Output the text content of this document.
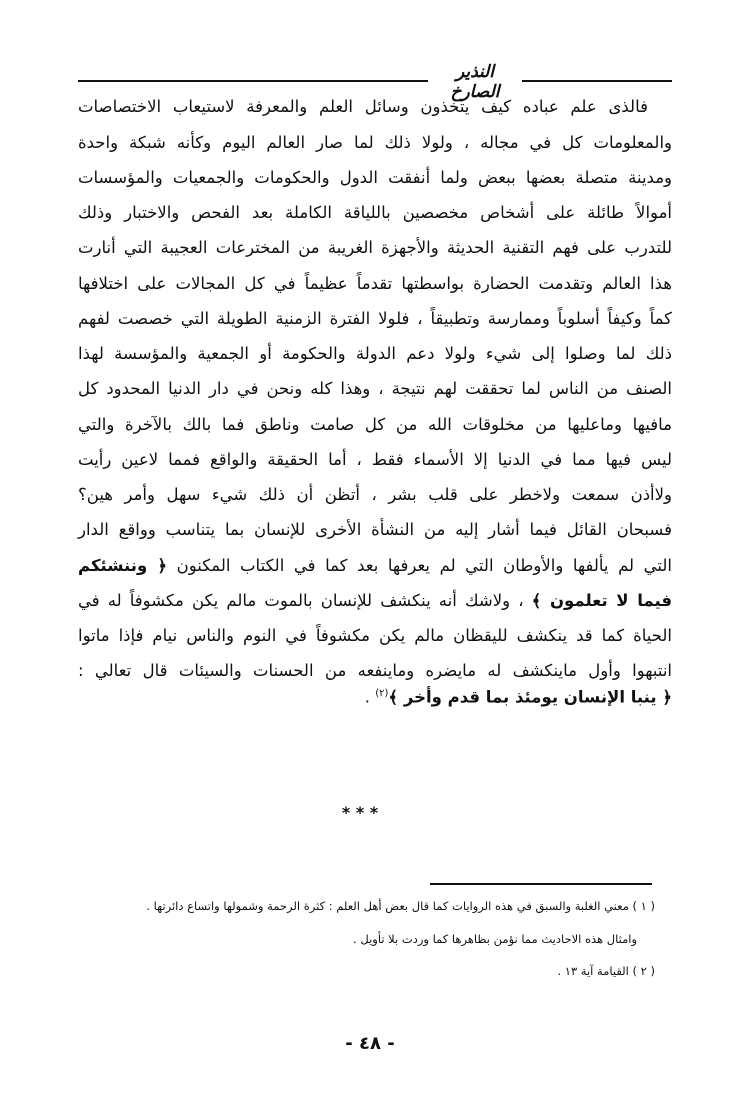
النذير الصارخ
فالذى علم عباده كيف يتخذون وسائل العلم والمعرفة لاستيعاب الاختصاصات
والمعلومات كل في مجاله ، ولولا ذلك لما صار العالم اليوم وكأنه شبكة واحدة
ومدينة متصلة بعضها ببعض ولما أنفقت الدول والحكومات والجمعيات والمؤسسات
أموالاً طائلة على أشخاص مخصصين باللياقة الكاملة بعد الفحص والاختبار وذلك
للتدرب على فهم التقنية الحديثة والأجهزة الغريبة من المخترعات العجيبة التي أنارت
هذا العالم وتقدمت الحضارة بواسطتها تقدماً عظيماً في كل المجالات على اختلافها
كماً وكيفاً أسلوباً وممارسة وتطبيقاً ، فلولا الفترة الزمنية الطويلة التي خصصت لفهم
ذلك لما وصلوا إلى شيء ولولا دعم الدولة والحكومة أو الجمعية والمؤسسة لهذا
الصنف من الناس لما تحققت لهم نتيجة ، وهذا كله ونحن في دار الدنيا المحدود كل
مافيها وماعليها من مخلوقات الله من كل صامت وناطق فما بالك بالآخرة والتي
ليس فيها مما في الدنيا إلا الأسماء فقط ، أما الحقيقة والواقع فمما لاعين رأيت
ولاأذن سمعت ولاخطر على قلب بشر ، أتظن أن ذلك شيء سهل وأمر هين؟
فسبحان القائل فيما أشار إليه من النشأة الأخرى للإنسان بما يتناسب وواقع الدار
التي لم يألفها والأوطان التي لم يعرفها بعد كما في الكتاب المكنون ﴿ وننشئكم
فيما لا تعلمون ﴾ ، ولاشك أنه ينكشف للإنسان بالموت مالم يكن مكشوفاً له في
الحياة كما قد ينكشف لليقظان مالم يكن مكشوفاً في النوم والناس نيام فإذا ماتوا
انتبهوا وأول ماينكشف له مايضره وماينفعه من الحسنات والسيئات قال تعالي :
﴿ ينبا الإنسان يومئذ بما قدم وأخر ﴾$^{(٢)}$ .
* * *
( ١ ) معني الغلبة والسبق في هذه الروايات كما قال بعض أهل العلم : كثرة الرحمة وشمولها واتساع دائرتها .
وامثال هذه الاحاديث مما نؤمن بظاهرها كما وردت بلا تأويل .
( ٢ ) القيامة آية ١٣ .
- ٤٨ -
